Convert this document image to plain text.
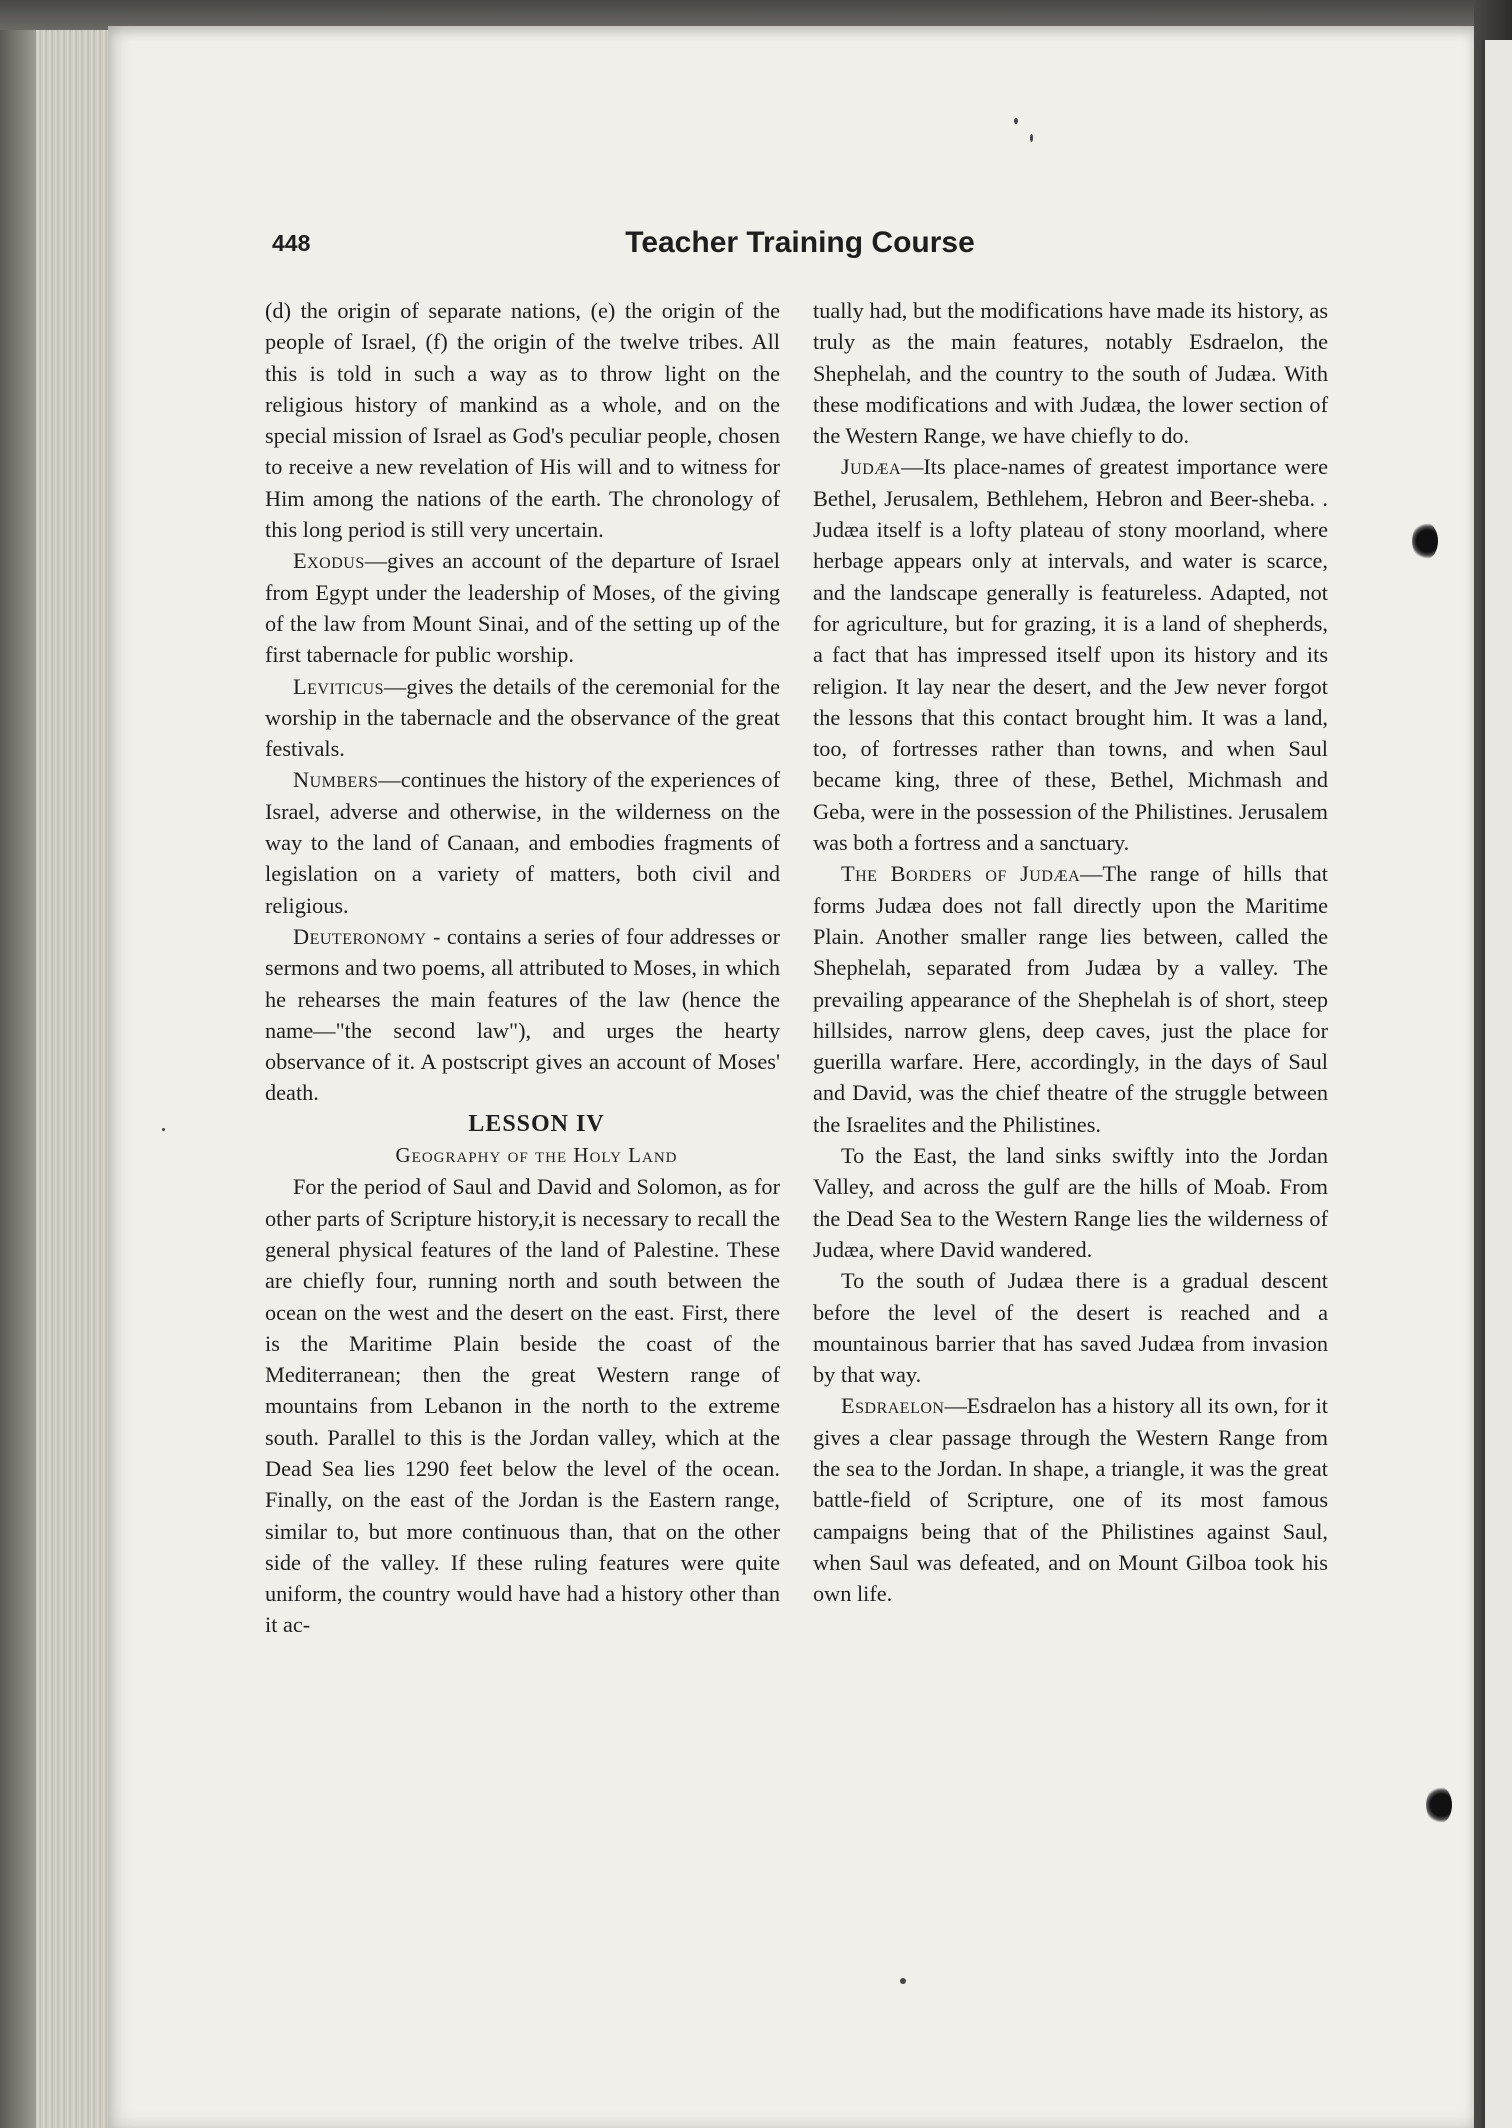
448	Teacher Training Course

(d) the origin of separate nations, (e) the origin of the people of Israel, (f) the origin of the twelve tribes. All this is told in such a way as to throw light on the religious history of mankind as a whole, and on the special mission of Israel as God's peculiar people, chosen to receive a new revelation of His will and to witness for Him among the nations of the earth. The chronology of this long period is still very uncertain.

Exodus—gives an account of the departure of Israel from Egypt under the leadership of Moses, of the giving of the law from Mount Sinai, and of the setting up of the first tabernacle for public worship.

Leviticus—gives the details of the ceremonial for the worship in the tabernacle and the observance of the great festivals.

Numbers—continues the history of the experiences of Israel, adverse and otherwise, in the wilderness on the way to the land of Canaan, and embodies fragments of legislation on a variety of matters, both civil and religious.

Deuteronomy - contains a series of four addresses or sermons and two poems, all attributed to Moses, in which he rehearses the main features of the law (hence the name—"the second law"), and urges the hearty observance of it. A postscript gives an account of Moses' death.

LESSON IV

Geography of the Holy Land

For the period of Saul and David and Solomon, as for other parts of Scripture history,it is necessary to recall the general physical features of the land of Palestine. These are chiefly four, running north and south between the ocean on the west and the desert on the east. First, there is the Maritime Plain beside the coast of the Mediterranean; then the great Western range of mountains from Lebanon in the north to the extreme south. Parallel to this is the Jordan valley, which at the Dead Sea lies 1290 feet below the level of the ocean. Finally, on the east of the Jordan is the Eastern range, similar to, but more continuous than, that on the other side of the valley. If these ruling features were quite uniform, the country would have had a history other than it ac-

tually had, but the modifications have made its history, as truly as the main features, notably Esdraelon, the Shephelah, and the country to the south of Judæa. With these modifications and with Judæa, the lower section of the Western Range, we have chiefly to do.

Judæa—Its place-names of greatest importance were Bethel, Jerusalem, Bethlehem, Hebron and Beer-sheba. . Judæa itself is a lofty plateau of stony moorland, where herbage appears only at intervals, and water is scarce, and the landscape generally is featureless. Adapted, not for agriculture, but for grazing, it is a land of shepherds, a fact that has impressed itself upon its history and its religion. It lay near the desert, and the Jew never forgot the lessons that this contact brought him. It was a land, too, of fortresses rather than towns, and when Saul became king, three of these, Bethel, Michmash and Geba, were in the possession of the Philistines. Jerusalem was both a fortress and a sanctuary.

The Borders of Judæa—The range of hills that forms Judæa does not fall directly upon the Maritime Plain. Another smaller range lies between, called the Shephelah, separated from Judæa by a valley. The prevailing appearance of the Shephelah is of short, steep hillsides, narrow glens, deep caves, just the place for guerilla warfare. Here, accordingly, in the days of Saul and David, was the chief theatre of the struggle between the Israelites and the Philistines.

To the East, the land sinks swiftly into the Jordan Valley, and across the gulf are the hills of Moab. From the Dead Sea to the Western Range lies the wilderness of Judæa, where David wandered.

To the south of Judæa there is a gradual descent before the level of the desert is reached and a mountainous barrier that has saved Judæa from invasion by that way.

Esdraelon—Esdraelon has a history all its own, for it gives a clear passage through the Western Range from the sea to the Jordan. In shape, a triangle, it was the great battle-field of Scripture, one of its most famous campaigns being that of the Philistines against Saul, when Saul was defeated, and on Mount Gilboa took his own life.
